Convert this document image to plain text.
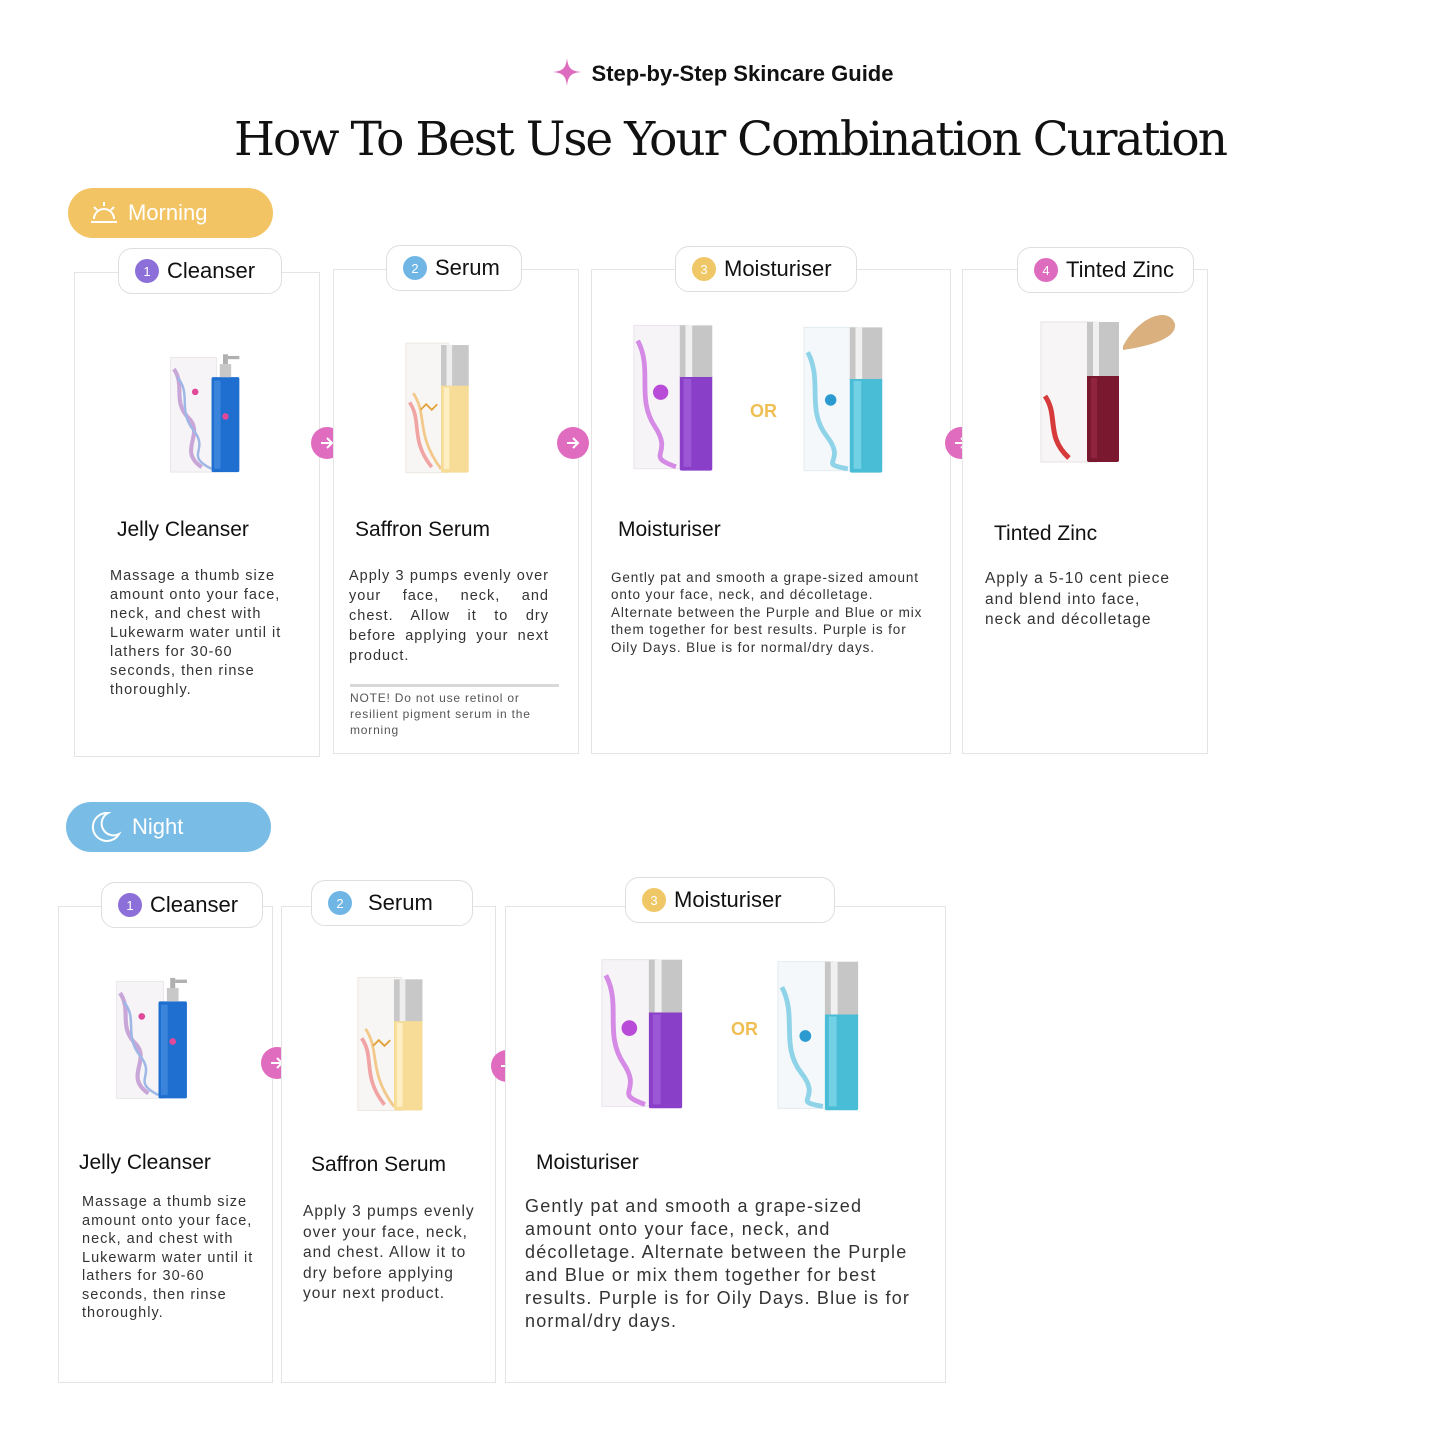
Step-by-Step Skincare Guide
How To Best Use Your Combination Curation
Morning
Jelly Cleanser
Massage a thumb size amount onto your face, neck, and chest with Lukewarm water until it lathers for 30-60 seconds, then rinse thoroughly.
1 Cleanser
Saffron Serum
Apply 3 pumps evenly over your face, neck, and chest. Allow it to dry before applying your next product.
NOTE! Do not use retinol or resilient pigment serum in the morning
2 Serum
OR
Moisturiser
Gently pat and smooth a grape-sized amount onto your face, neck, and décolletage. Alternate between the Purple and Blue or mix them together for best results. Purple is for Oily Days. Blue is for normal/dry days.
3 Moisturiser
Tinted Zinc
Apply a 5-10 cent piece and blend into face, neck and décolletage
4 Tinted Zinc
Night
Jelly Cleanser
Massage a thumb size amount onto your face, neck, and chest with Lukewarm water until it lathers for 30-60 seconds, then rinse thoroughly.
1 Cleanser
Saffron Serum
Apply 3 pumps evenly over your face, neck, and chest. Allow it to dry before applying your next product.
2	Serum
OR
Moisturiser
Gently pat and smooth a grape-sized amount onto your face, neck, and décolletage. Alternate between the Purple and Blue or mix them together for best results. Purple is for Oily Days. Blue is for normal/dry days.
3 Moisturiser
